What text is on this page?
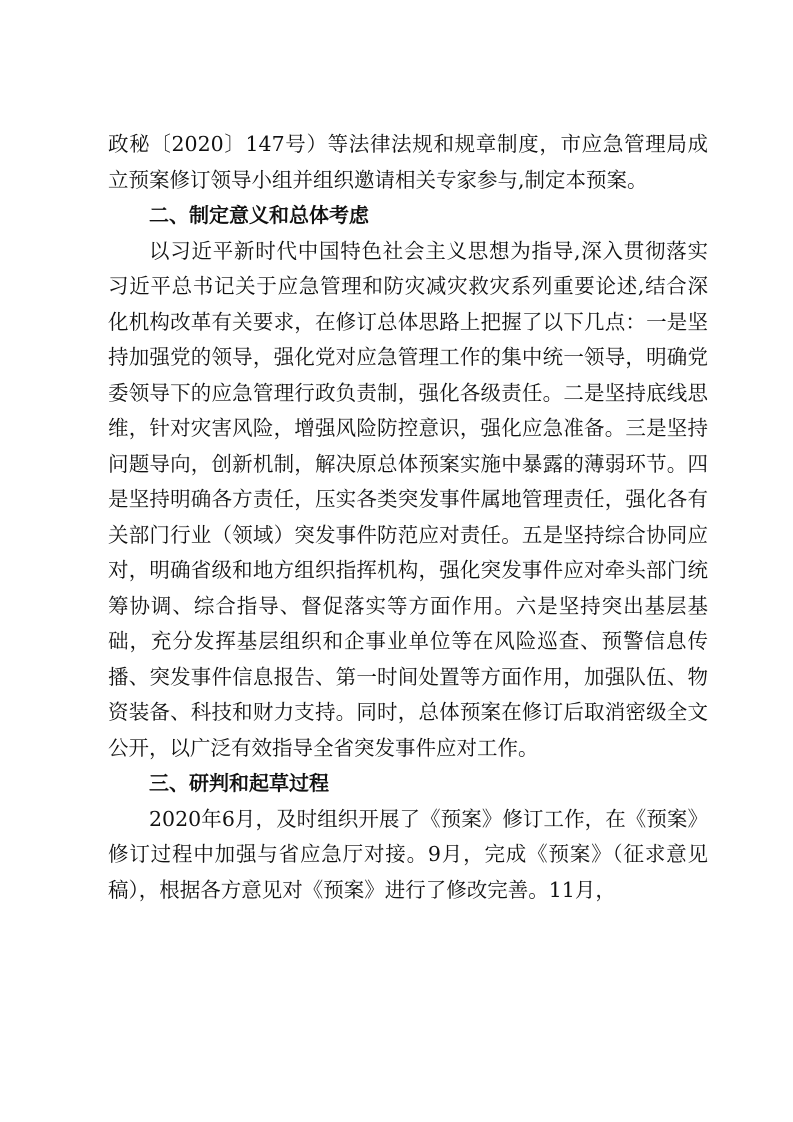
政秘〔2020〕147号）等法律法规和规章制度，市应急管理局成立预案修订领导小组并组织邀请相关专家参与,制定本预案。

二、制定意义和总体考虑

以习近平新时代中国特色社会主义思想为指导,深入贯彻落实习近平总书记关于应急管理和防灾减灾救灾系列重要论述,结合深化机构改革有关要求，在修订总体思路上把握了以下几点：一是坚持加强党的领导，强化党对应急管理工作的集中统一领导，明确党委领导下的应急管理行政负责制，强化各级责任。二是坚持底线思维，针对灾害风险，增强风险防控意识，强化应急准备。三是坚持问题导向，创新机制，解决原总体预案实施中暴露的薄弱环节。四是坚持明确各方责任，压实各类突发事件属地管理责任，强化各有关部门行业（领域）突发事件防范应对责任。五是坚持综合协同应对，明确省级和地方组织指挥机构，强化突发事件应对牵头部门统筹协调、综合指导、督促落实等方面作用。六是坚持突出基层基础，充分发挥基层组织和企事业单位等在风险巡查、预警信息传播、突发事件信息报告、第一时间处置等方面作用，加强队伍、物资装备、科技和财力支持。同时，总体预案在修订后取消密级全文公开，以广泛有效指导全省突发事件应对工作。

三、研判和起草过程

2020年6月，及时组织开展了《预案》修订工作，在《预案》修订过程中加强与省应急厅对接。9月，完成《预案》（征求意见稿），根据各方意见对《预案》进行了修改完善。11月，
